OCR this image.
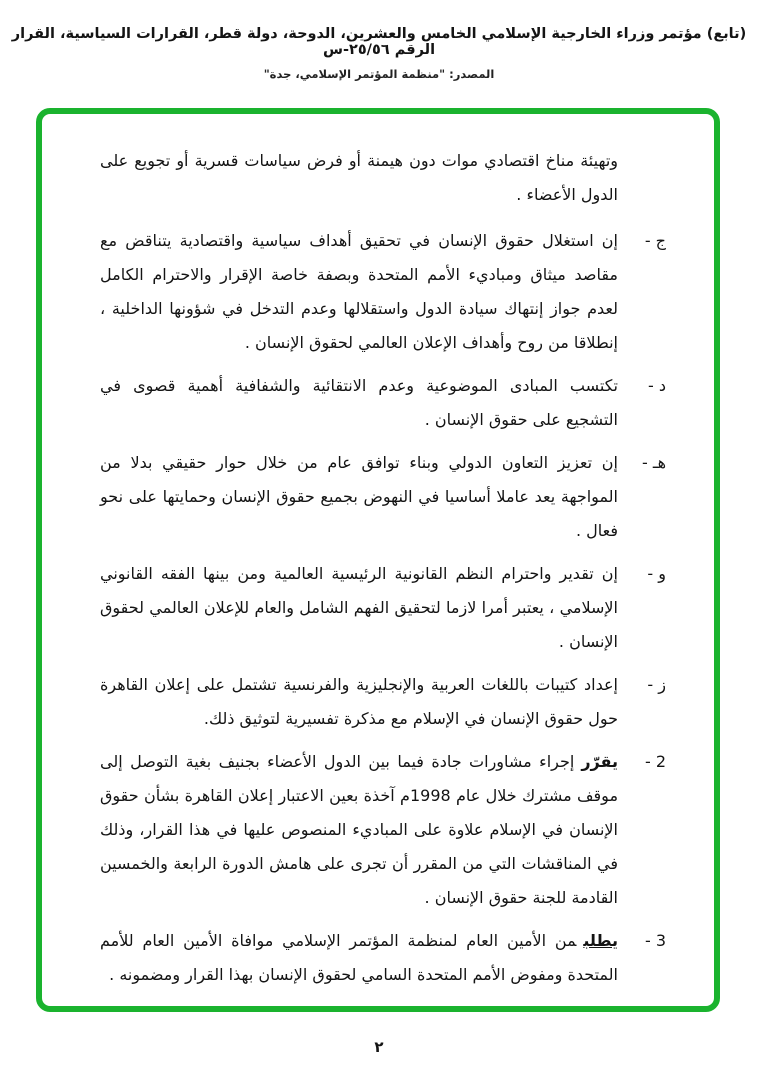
(تابع) مؤتمر وزراء الخارجية الإسلامي الخامس والعشرين، الدوحة، دولة قطر، القرارات السياسية، القرار الرقم ٢٥/٥٦-س
المصدر: "منظمة المؤتمر الإسلامي، جدة"

وتهيئة مناخ اقتصادي موات دون هيمنة أو فرض سياسات قسرية أو تجويع على الدول الأعضاء .

ج -
إن استغلال حقوق الإنسان في تحقيق أهداف سياسية واقتصادية يتناقض مع مقاصد ميثاق ومباديء الأمم المتحدة وبصفة خاصة الإقرار والاحترام الكامل لعدم جواز إنتهاك سيادة الدول واستقلالها وعدم التدخل في شؤونها الداخلية ، إنطلاقا من روح وأهداف الإعلان العالمي لحقوق الإنسان .
د -
تكتسب المبادى الموضوعية وعدم الانتقائية والشفافية أهمية قصوى في التشجيع على حقوق الإنسان .
هـ -
إن تعزيز التعاون الدولي وبناء توافق عام من خلال حوار حقيقي بدلا من المواجهة يعد عاملا أساسيا في النهوض بجميع حقوق الإنسان وحمايتها على نحو فعال .
و -
إن تقدير واحترام النظم القانونية الرئيسية العالمية ومن بينها الفقه القانوني الإسلامي ، يعتبر أمرا لازما لتحقيق الفهم الشامل والعام للإعلان العالمي لحقوق الإنسان .
ز -
إعداد كتيبات باللغات العربية والإنجليزية والفرنسية تشتمل على إعلان القاهرة حول حقوق الإنسان في الإسلام مع مذكرة تفسيرية لتوثيق ذلك.
2 -
يقرّرإجراء مشاورات جادة فيما بين الدول الأعضاء بجنيف بغية التوصل إلى موقف مشترك خلال عام 1998م آخذة بعين الاعتبار إعلان القاهرة بشأن حقوق الإنسان في الإسلام علاوة على المباديء المنصوص عليها في هذا القرار، وذلك في المناقشات التي من المقرر أن تجرى على هامش الدورة الرابعة والخمسين القادمة للجنة حقوق الإنسان .
3 -
يطلبمن الأمين العام لمنظمة المؤتمر الإسلامي موافاة الأمين العام للأمم المتحدة ومفوض الأمم المتحدة السامي لحقوق الإنسان بهذا القرار ومضمونه .
٢
